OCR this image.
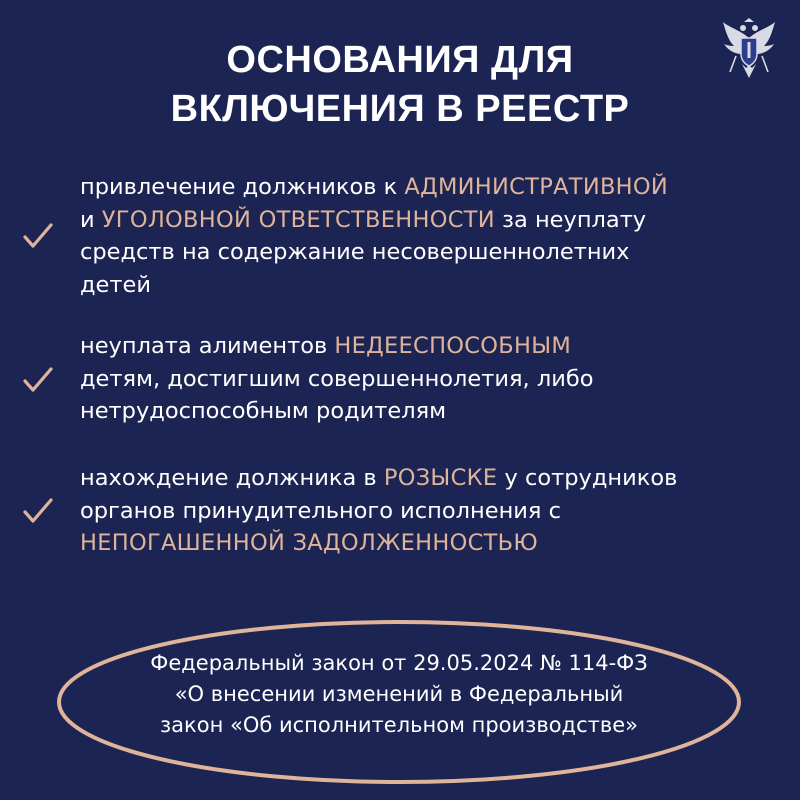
ОСНОВАНИЯ ДЛЯ
ВКЛЮЧЕНИЯ В РЕЕСТР
привлечение должников к АДМИНИСТРАТИВНОЙ
и УГОЛОВНОЙ ОТВЕТСТВЕННОСТИ за неуплату
средств на содержание несовершеннолетних
детей
неуплата алиментов НЕДЕЕСПОСОБНЫМ
детям, достигшим совершеннолетия, либо
нетрудоспособным родителям
нахождение должника в РОЗЫСКЕ у сотрудников
органов принудительного исполнения с
НЕПОГАШЕННОЙ ЗАДОЛЖЕННОСТЬЮ
Федеральный закон от 29.05.2024 № 114-ФЗ
«О внесении изменений в Федеральный
закон «Об исполнительном производстве»
